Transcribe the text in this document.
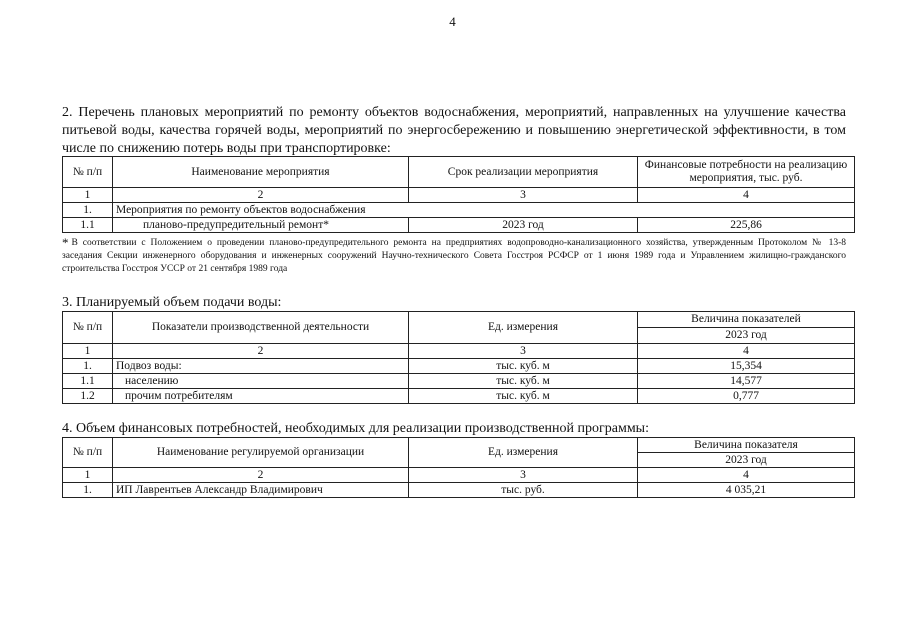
4
2. Перечень плановых мероприятий по ремонту объектов водоснабжения, мероприятий, направленных на улучшение качества питьевой воды, качества горячей воды, мероприятий по энергосбережению и повышению энергетической эффективности, в том числе по снижению потерь воды при транспортировке:
№ п/п	Наименование мероприятия	Срок реализации мероприятия	Финансовые потребности на реализацию мероприятия, тыс. руб.
1	2	3	4
1.	Мероприятия по ремонту объектов водоснабжения		
1.1	планово-предупредительный ремонт*	2023 год	225,86
* В соответствии с Положением о проведении планово-предупредительного ремонта на предприятиях водопроводно-канализационного хозяйства, утвержденным Протоколом № 13-8 заседания Секции инженерного оборудования и инженерных сооружений Научно-технического Совета Госстроя РСФСР от 1 июня 1989 года и Управлением жилищно-гражданского строительства Госстроя УССР от 21 сентября 1989 года
3. Планируемый объем подачи воды:
№ п/п	Показатели производственной деятельности	Ед. измерения	Величина показателей
			2023 год
1	2	3	4
1.	Подвоз воды:	тыс. куб. м	15,354
1.1	населению	тыс. куб. м	14,577
1.2	прочим потребителям	тыс. куб. м	0,777
4. Объем финансовых потребностей, необходимых для реализации производственной программы:
№ п/п	Наименование регулируемой организации	Ед. измерения	Величина показателя
			2023 год
1	2	3	4
1.	ИП Лаврентьев Александр Владимирович	тыс. руб.	4 035,21
